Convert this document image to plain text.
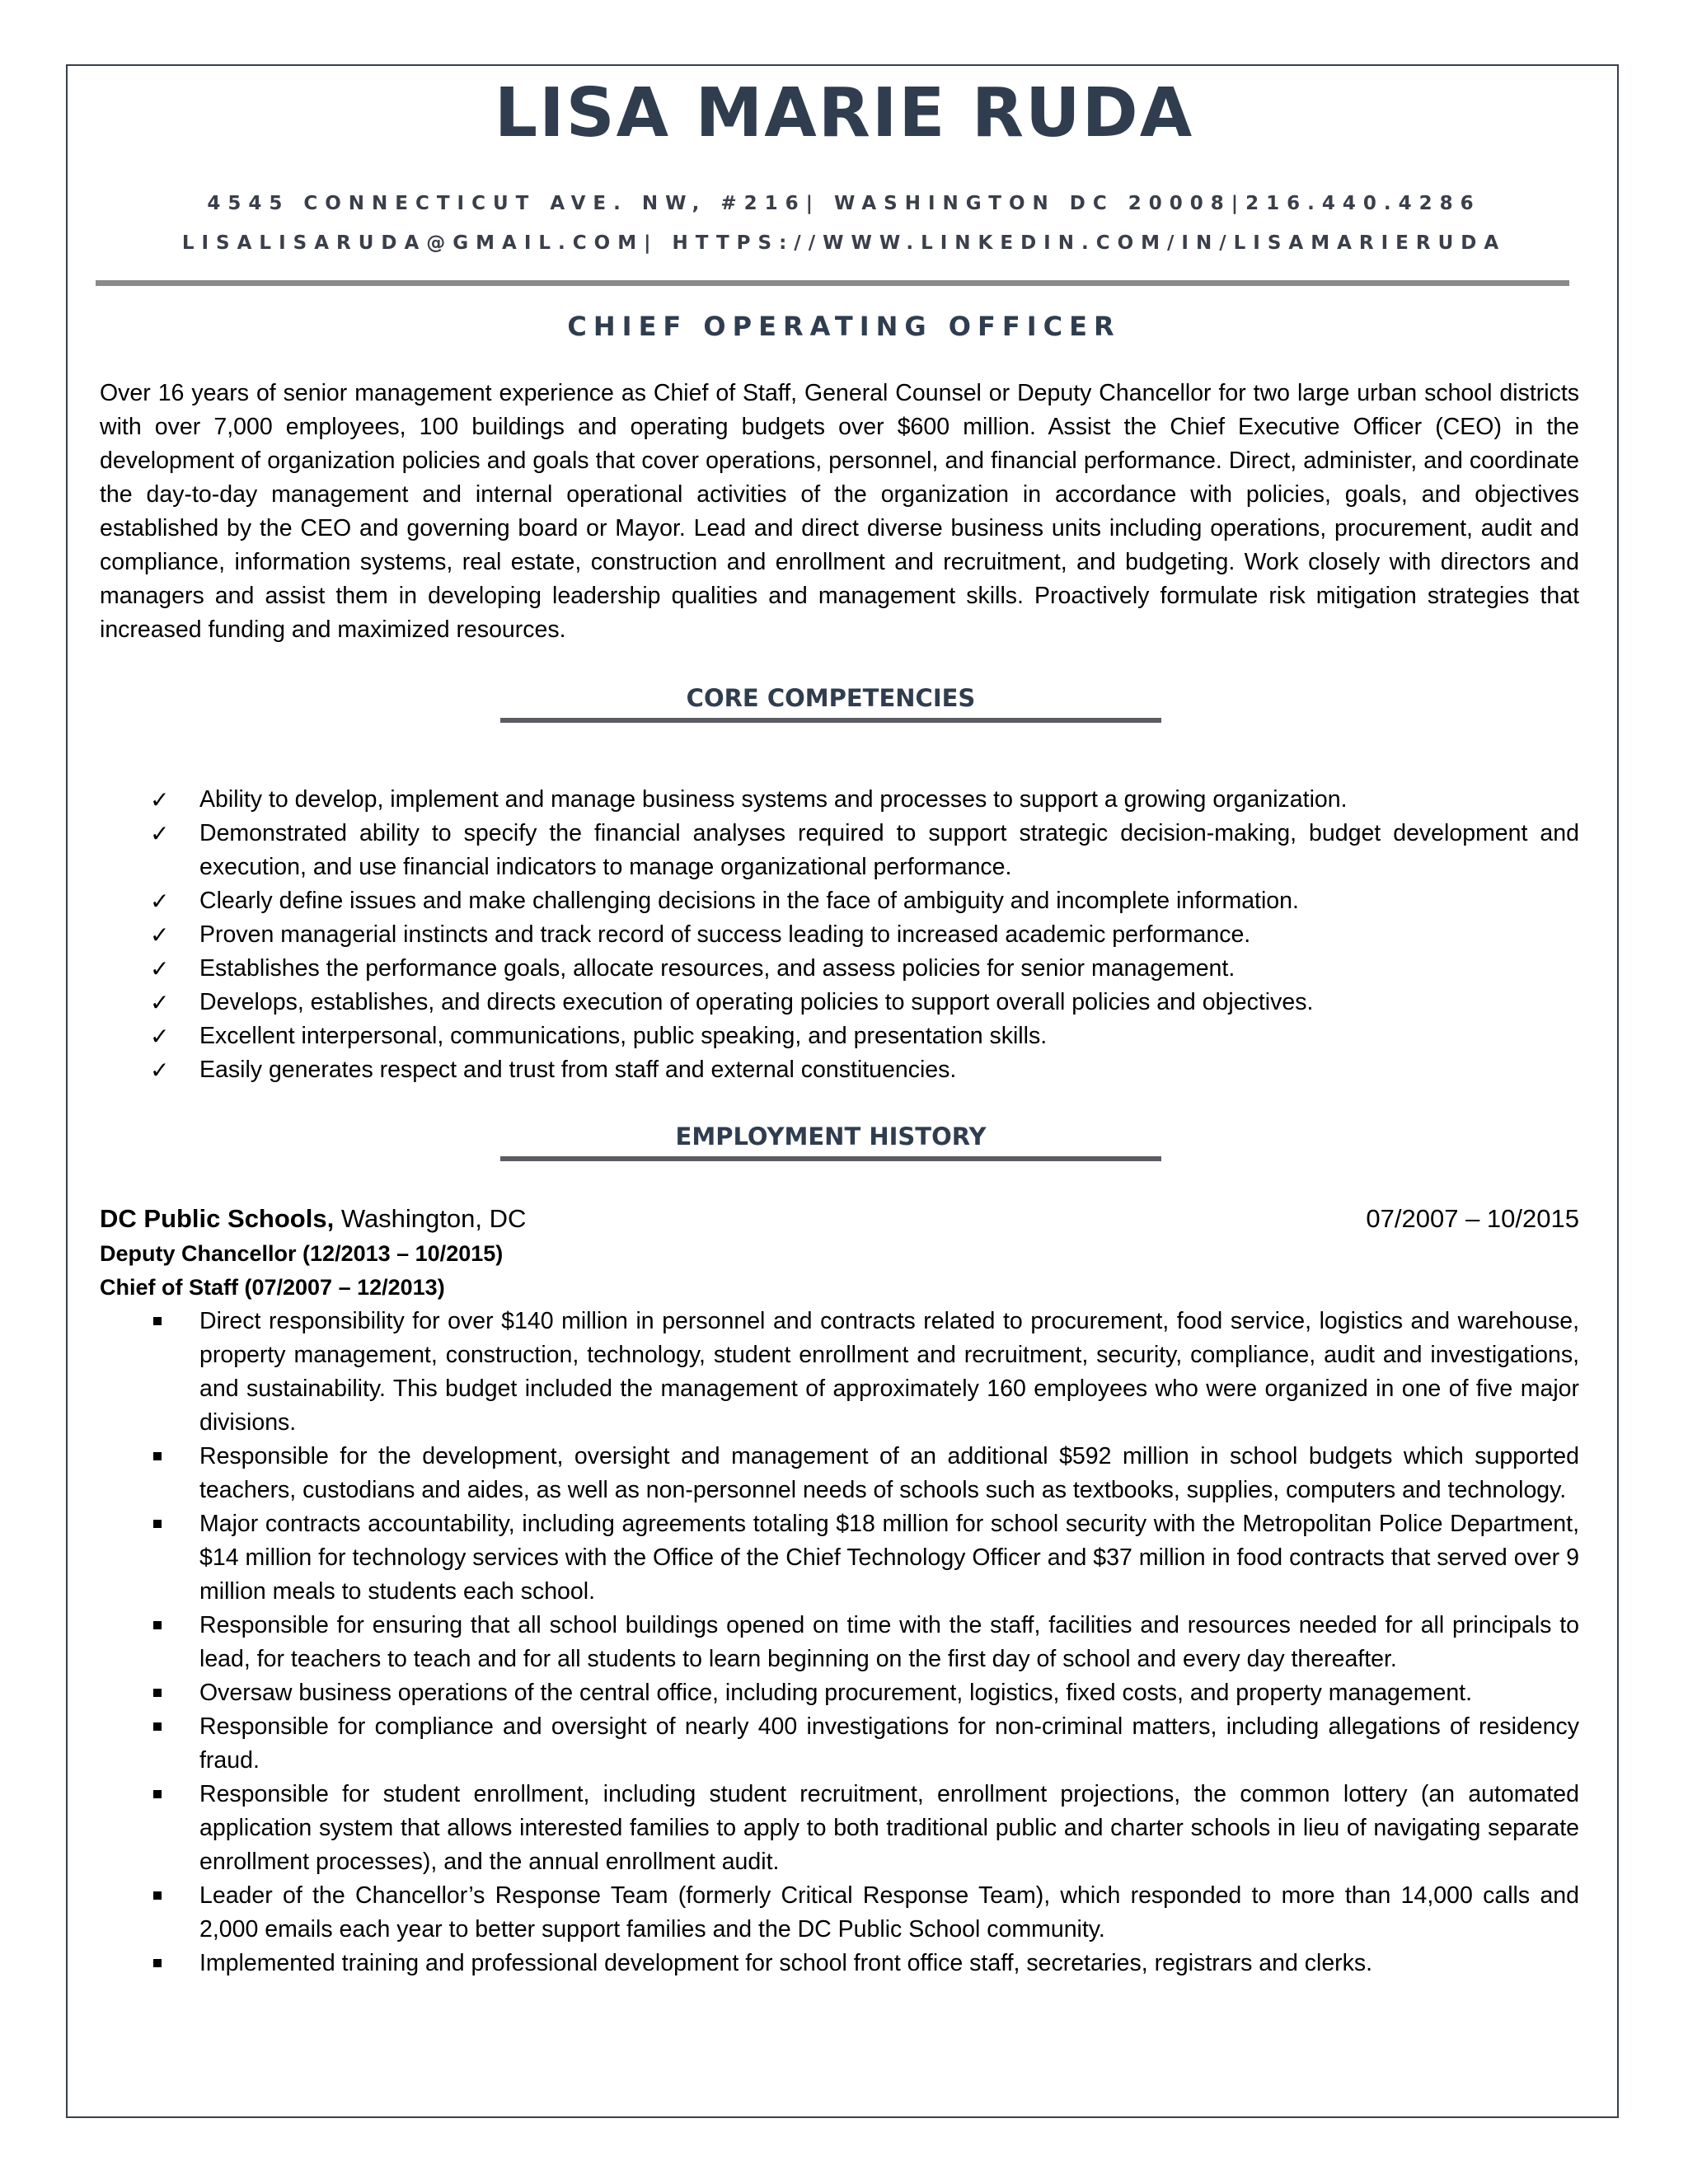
LISA MARIE RUDA
4545 CONNECTICUT AVE. NW, #216| WASHINGTON DC 20008|216.440.4286
LISALISARUDA@GMAIL.COM| HTTPS://WWW.LINKEDIN.COM/IN/LISAMARIERUDA
CHIEF OPERATING OFFICER
Over 16 years of senior management experience as Chief of Staff, General Counsel or Deputy Chancellor for two large urban school districts with over 7,000 employees, 100 buildings and operating budgets over $600 million. Assist the Chief Executive Officer (CEO) in the development of organization policies and goals that cover operations, personnel, and financial performance. Direct, administer, and coordinate the day-to-day management and internal operational activities of the organization in accordance with policies, goals, and objectives established by the CEO and governing board or Mayor. Lead and direct diverse business units including operations, procurement, audit and compliance, information systems, real estate, construction and enrollment and recruitment, and budgeting. Work closely with directors and managers and assist them in developing leadership qualities and management skills. Proactively formulate risk mitigation strategies that increased funding and maximized resources.
CORE COMPETENCIES
✓ Ability to develop, implement and manage business systems and processes to support a growing organization.
✓ Demonstrated ability to specify the financial analyses required to support strategic decision-making, budget development and execution, and use financial indicators to manage organizational performance.
✓ Clearly define issues and make challenging decisions in the face of ambiguity and incomplete information.
✓ Proven managerial instincts and track record of success leading to increased academic performance.
✓ Establishes the performance goals, allocate resources, and assess policies for senior management.
✓ Develops, establishes, and directs execution of operating policies to support overall policies and objectives.
✓ Excellent interpersonal, communications, public speaking, and presentation skills.
✓ Easily generates respect and trust from staff and external constituencies.
EMPLOYMENT HISTORY
DC Public Schools, Washington, DC	07/2007 – 10/2015
Deputy Chancellor (12/2013 – 10/2015)
Chief of Staff (07/2007 – 12/2013)
Direct responsibility for over $140 million in personnel and contracts related to procurement, food service, logistics and warehouse, property management, construction, technology, student enrollment and recruitment, security, compliance, audit and investigations, and sustainability. This budget included the management of approximately 160 employees who were organized in one of five major divisions.
Responsible for the development, oversight and management of an additional $592 million in school budgets which supported teachers, custodians and aides, as well as non-personnel needs of schools such as textbooks, supplies, computers and technology.
Major contracts accountability, including agreements totaling $18 million for school security with the Metropolitan Police Department, $14 million for technology services with the Office of the Chief Technology Officer and $37 million in food contracts that served over 9 million meals to students each school.
Responsible for ensuring that all school buildings opened on time with the staff, facilities and resources needed for all principals to lead, for teachers to teach and for all students to learn beginning on the first day of school and every day thereafter.
Oversaw business operations of the central office, including procurement, logistics, fixed costs, and property management.
Responsible for compliance and oversight of nearly 400 investigations for non-criminal matters, including allegations of residency fraud.
Responsible for student enrollment, including student recruitment, enrollment projections, the common lottery (an automated application system that allows interested families to apply to both traditional public and charter schools in lieu of navigating separate enrollment processes), and the annual enrollment audit.
Leader of the Chancellor’s Response Team (formerly Critical Response Team), which responded to more than 14,000 calls and 2,000 emails each year to better support families and the DC Public School community.
Implemented training and professional development for school front office staff, secretaries, registrars and clerks.
